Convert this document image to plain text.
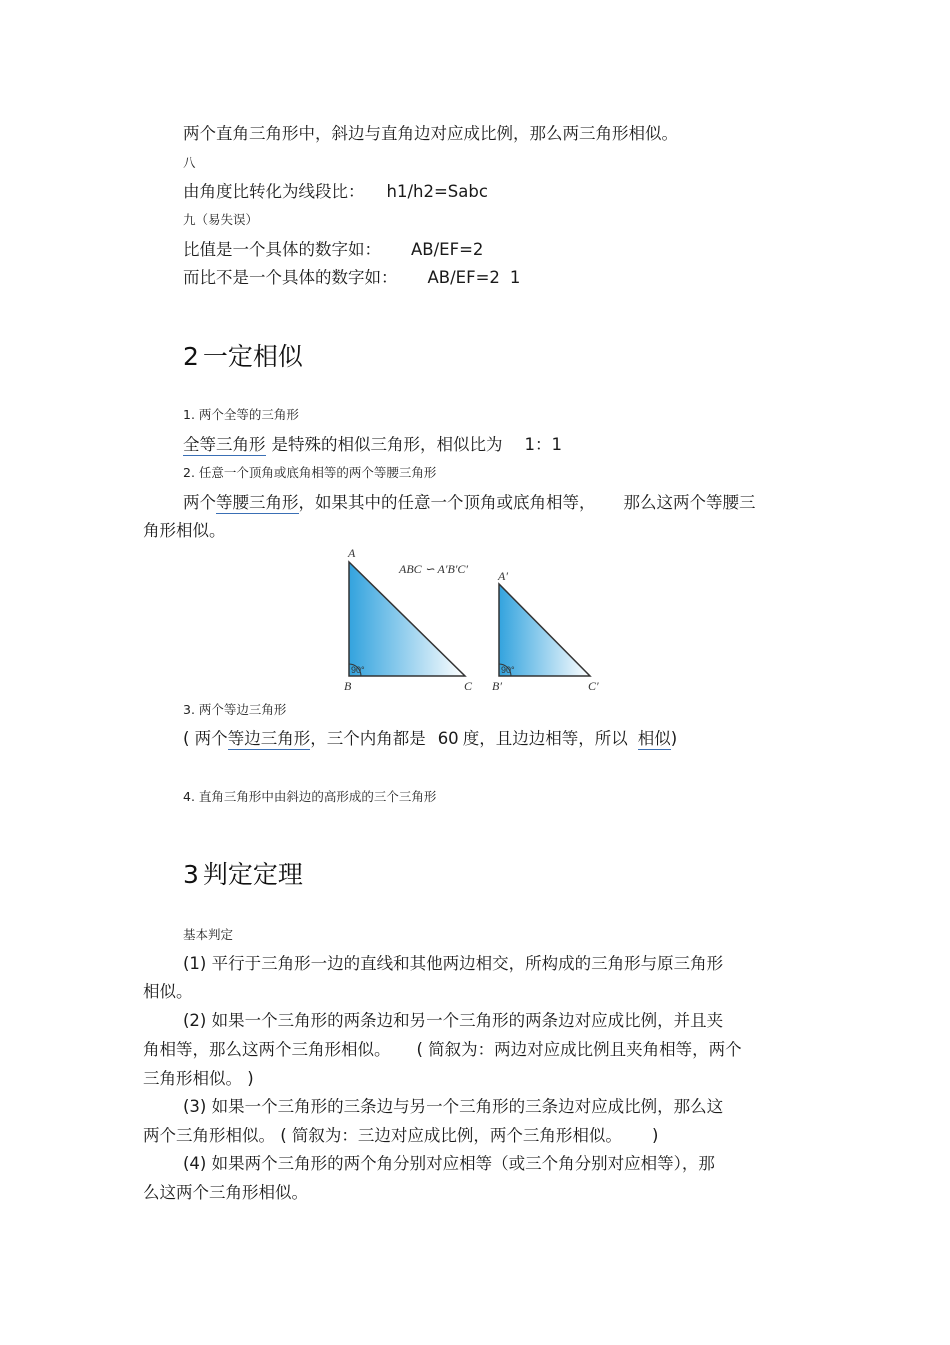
两个直角三角形中，斜边与直角边对应成比例，那么两三角形相似。
八
由角度比转化为线段比： h1/h2=Sabc
九（易失误）
比值是一个具体的数字如： AB/EF=2
而比不是一个具体的数字如： AB/EF=2 1
2 一定相似
1. 两个全等的三角形
全等三角形 是特殊的相似三角形，相似比为 1：1
2. 任意一个顶角或底角相等的两个等腰三角形
两个等腰三角形，如果其中的任意一个顶角或底角相等， 那么这两个等腰三
角形相似。
A
B	C
ABC ∽ A′B′C′ A′
B′	C′
90°	90°
3. 两个等边三角形
( 两个等边三角形，三个内角都是 60 度，且边边相等，所以 相似)
4. 直角三角形中由斜边的高形成的三个三角形
3 判定定理
基本判定
(1) 平行于三角形一边的直线和其他两边相交，所构成的三角形与原三角形
相似。
(2) 如果一个三角形的两条边和另一个三角形的两条边对应成比例，并且夹
角相等，那么这两个三角形相似。 ( 简叙为：两边对应成比例且夹角相等，两个
三角形相似。 )
(3) 如果一个三角形的三条边与另一个三角形的三条边对应成比例，那么这
两个三角形相似。 ( 简叙为：三边对应成比例，两个三角形相似。 )
(4) 如果两个三角形的两个角分别对应相等（或三个角分别对应相等），那
么这两个三角形相似。
